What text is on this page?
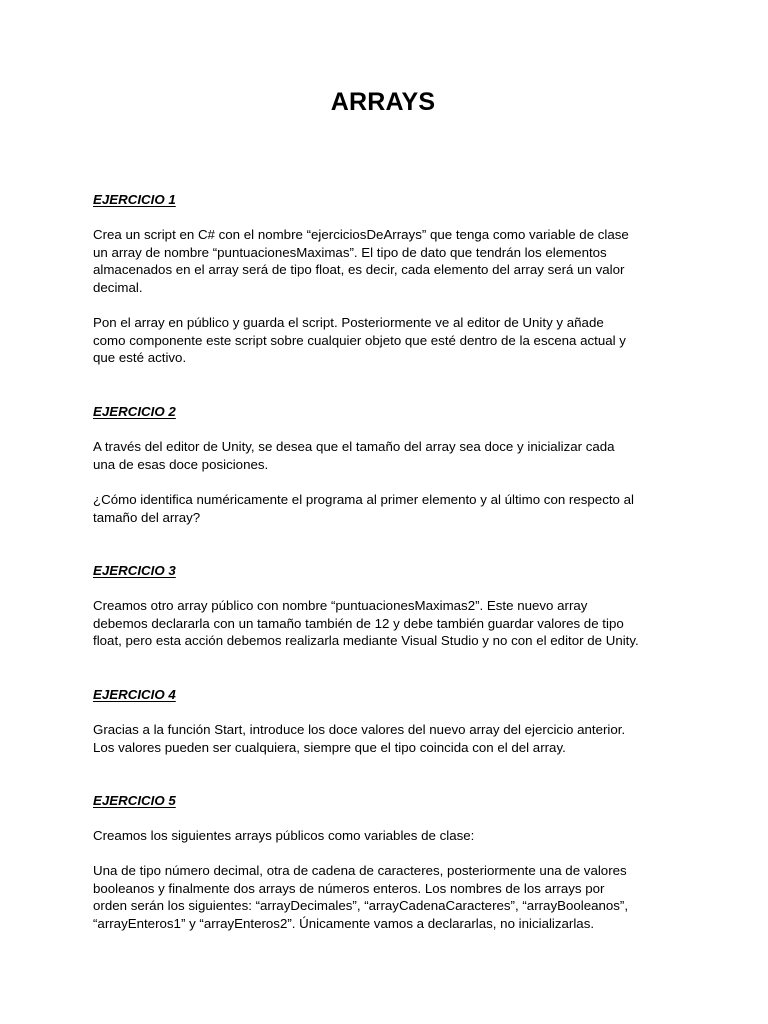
ARRAYS

EJERCICIO 1

Crea un script en C# con el nombre “ejerciciosDeArrays” que tenga como variable de clase
un array de nombre “puntuacionesMaximas”. El tipo de dato que tendrán los elementos
almacenados en el array será de tipo float, es decir, cada elemento del array será un valor
decimal.

Pon el array en público y guarda el script. Posteriormente ve al editor de Unity y añade
como componente este script sobre cualquier objeto que esté dentro de la escena actual y
que esté activo.

EJERCICIO 2

A través del editor de Unity, se desea que el tamaño del array sea doce y inicializar cada
una de esas doce posiciones.

¿Cómo identifica numéricamente el programa al primer elemento y al último con respecto al
tamaño del array?

EJERCICIO 3

Creamos otro array público con nombre “puntuacionesMaximas2”. Este nuevo array
debemos declararla con un tamaño también de 12 y debe también guardar valores de tipo
float, pero esta acción debemos realizarla mediante Visual Studio y no con el editor de Unity.

EJERCICIO 4

Gracias a la función Start, introduce los doce valores del nuevo array del ejercicio anterior.
Los valores pueden ser cualquiera, siempre que el tipo coincida con el del array.

EJERCICIO 5

Creamos los siguientes arrays públicos como variables de clase:

Una de tipo número decimal, otra de cadena de caracteres, posteriormente una de valores
booleanos y finalmente dos arrays de números enteros. Los nombres de los arrays por
orden serán los siguientes: “arrayDecimales”, “arrayCadenaCaracteres”, “arrayBooleanos”,
“arrayEnteros1” y “arrayEnteros2”. Únicamente vamos a declararlas, no inicializarlas.
